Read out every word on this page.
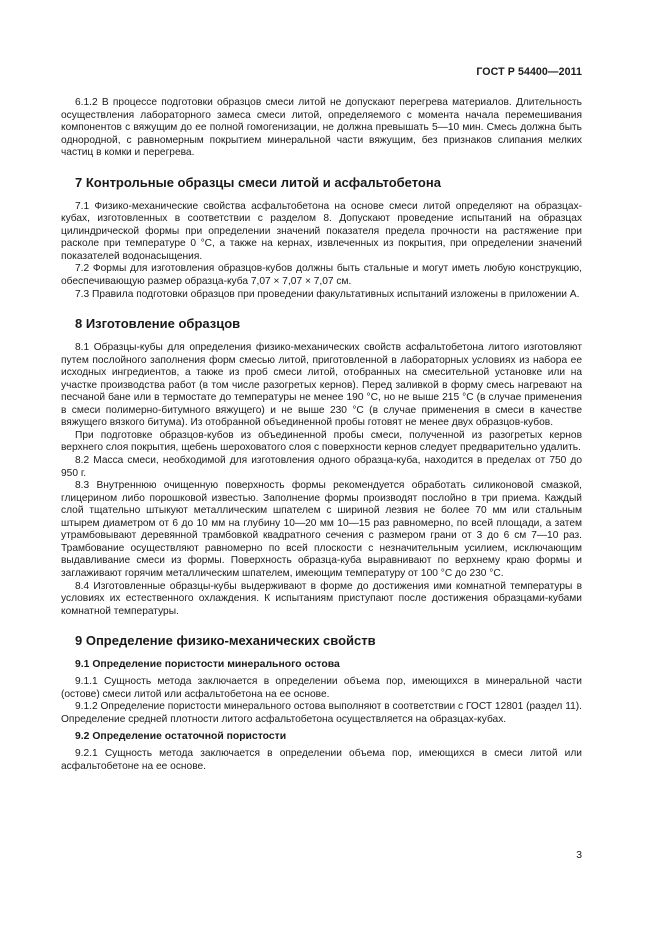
ГОСТ Р 54400—2011

6.1.2 В процессе подготовки образцов смеси литой не допускают перегрева материалов. Длительность осуществления лабораторного замеса смеси литой, определяемого с момента начала перемешивания компонентов с вяжущим до ее полной гомогенизации, не должна превышать 5—10 мин. Смесь должна быть однородной, с равномерным покрытием минеральной части вяжущим, без признаков слипания мелких частиц в комки и перегрева.

7 Контрольные образцы смеси литой и асфальтобетона

7.1 Физико-механические свойства асфальтобетона на основе смеси литой определяют на образцах-кубах, изготовленных в соответствии с разделом 8. Допускают проведение испытаний на образцах цилиндрической формы при определении значений показателя предела прочности на растяжение при расколе при температуре 0 °С, а также на кернах, извлеченных из покрытия, при определении значений показателей водонасыщения.

7.2 Формы для изготовления образцов-кубов должны быть стальные и могут иметь любую конструкцию, обеспечивающую размер образца-куба 7,07 × 7,07 × 7,07 см.

7.3 Правила подготовки образцов при проведении факультативных испытаний изложены в приложении А.

8 Изготовление образцов

8.1 Образцы-кубы для определения физико-механических свойств асфальтобетона литого изготовляют путем послойного заполнения форм смесью литой, приготовленной в лабораторных условиях из набора ее исходных ингредиентов, а также из проб смеси литой, отобранных на смесительной установке или на участке производства работ (в том числе разогретых кернов). Перед заливкой в форму смесь нагревают на песчаной бане или в термостате до температуры не менее 190 °С, но не выше 215 °С (в случае применения в смеси полимерно-битумного вяжущего) и не выше 230 °С (в случае применения в смеси в качестве вяжущего вязкого битума). Из отобранной объединенной пробы готовят не менее двух образцов-кубов.

При подготовке образцов-кубов из объединенной пробы смеси, полученной из разогретых кернов верхнего слоя покрытия, щебень шероховатого слоя с поверхности кернов следует предварительно удалить.

8.2 Масса смеси, необходимой для изготовления одного образца-куба, находится в пределах от 750 до 950 г.

8.3 Внутреннюю очищенную поверхность формы рекомендуется обработать силиконовой смазкой, глицерином либо порошковой известью. Заполнение формы производят послойно в три приема. Каждый слой тщательно штыкуют металлическим шпателем с шириной лезвия не более 70 мм или стальным штырем диаметром от 6 до 10 мм на глубину 10—20 мм 10—15 раз равномерно, по всей площади, а затем утрамбовывают деревянной трамбовкой квадратного сечения с размером грани от 3 до 6 см 7—10 раз. Трамбование осуществляют равномерно по всей плоскости с незначительным усилием, исключающим выдавливание смеси из формы. Поверхность образца-куба выравнивают по верхнему краю формы и заглаживают горячим металлическим шпателем, имеющим температуру от 100 °С до 230 °С.

8.4 Изготовленные образцы-кубы выдерживают в форме до достижения ими комнатной температуры в условиях их естественного охлаждения. К испытаниям приступают после достижения образцами-кубами комнатной температуры.

9 Определение физико-механических свойств
9.1 Определение пористости минерального остова

9.1.1 Сущность метода заключается в определении объема пор, имеющихся в минеральной части (остове) смеси литой или асфальтобетона на ее основе.

9.1.2 Определение пористости минерального остова выполняют в соответствии с ГОСТ 12801 (раздел 11). Определение средней плотности литого асфальтобетона осуществляется на образцах-кубах.

9.2 Определение остаточной пористости

9.2.1 Сущность метода заключается в определении объема пор, имеющихся в смеси литой или асфальтобетоне на ее основе.

3
